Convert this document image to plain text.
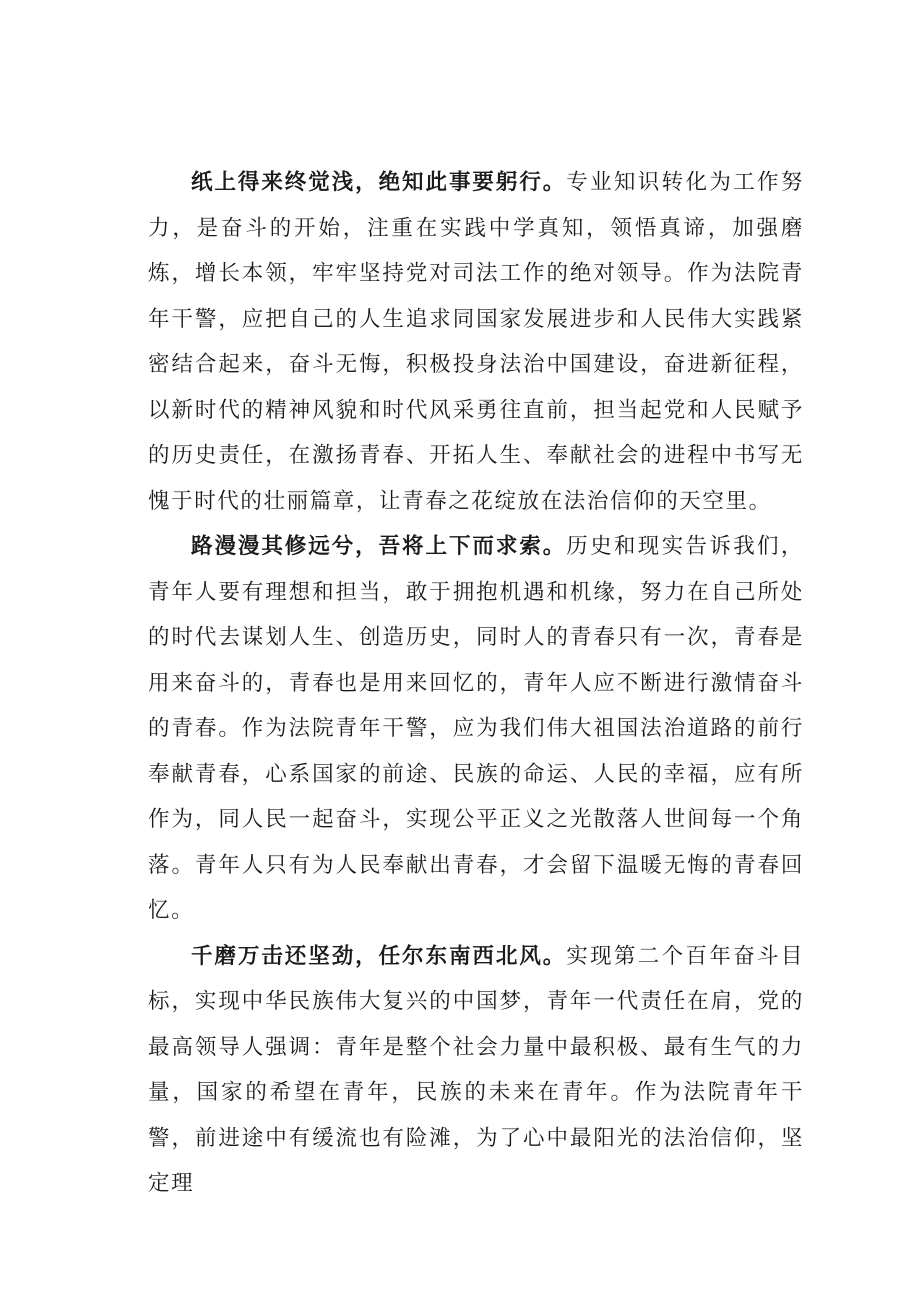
纸上得来终觉浅，绝知此事要躬行。专业知识转化为工作努力，是奋斗的开始，注重在实践中学真知，领悟真谛，加强磨炼，增长本领，牢牢坚持党对司法工作的绝对领导。作为法院青年干警，应把自己的人生追求同国家发展进步和人民伟大实践紧密结合起来，奋斗无悔，积极投身法治中国建设，奋进新征程，以新时代的精神风貌和时代风采勇往直前，担当起党和人民赋予的历史责任，在激扬青春、开拓人生、奉献社会的进程中书写无愧于时代的壮丽篇章，让青春之花绽放在法治信仰的天空里。

路漫漫其修远兮，吾将上下而求索。历史和现实告诉我们，青年人要有理想和担当，敢于拥抱机遇和机缘，努力在自己所处的时代去谋划人生、创造历史，同时人的青春只有一次，青春是用来奋斗的，青春也是用来回忆的，青年人应不断进行激情奋斗的青春。作为法院青年干警，应为我们伟大祖国法治道路的前行奉献青春，心系国家的前途、民族的命运、人民的幸福，应有所作为，同人民一起奋斗，实现公平正义之光散落人世间每一个角落。青年人只有为人民奉献出青春，才会留下温暖无悔的青春回忆。

千磨万击还坚劲，任尔东南西北风。实现第二个百年奋斗目标，实现中华民族伟大复兴的中国梦，青年一代责任在肩，党的最高领导人强调：青年是整个社会力量中最积极、最有生气的力量，国家的希望在青年，民族的未来在青年。作为法院青年干警，前进途中有缓流也有险滩，为了心中最阳光的法治信仰，坚定理
